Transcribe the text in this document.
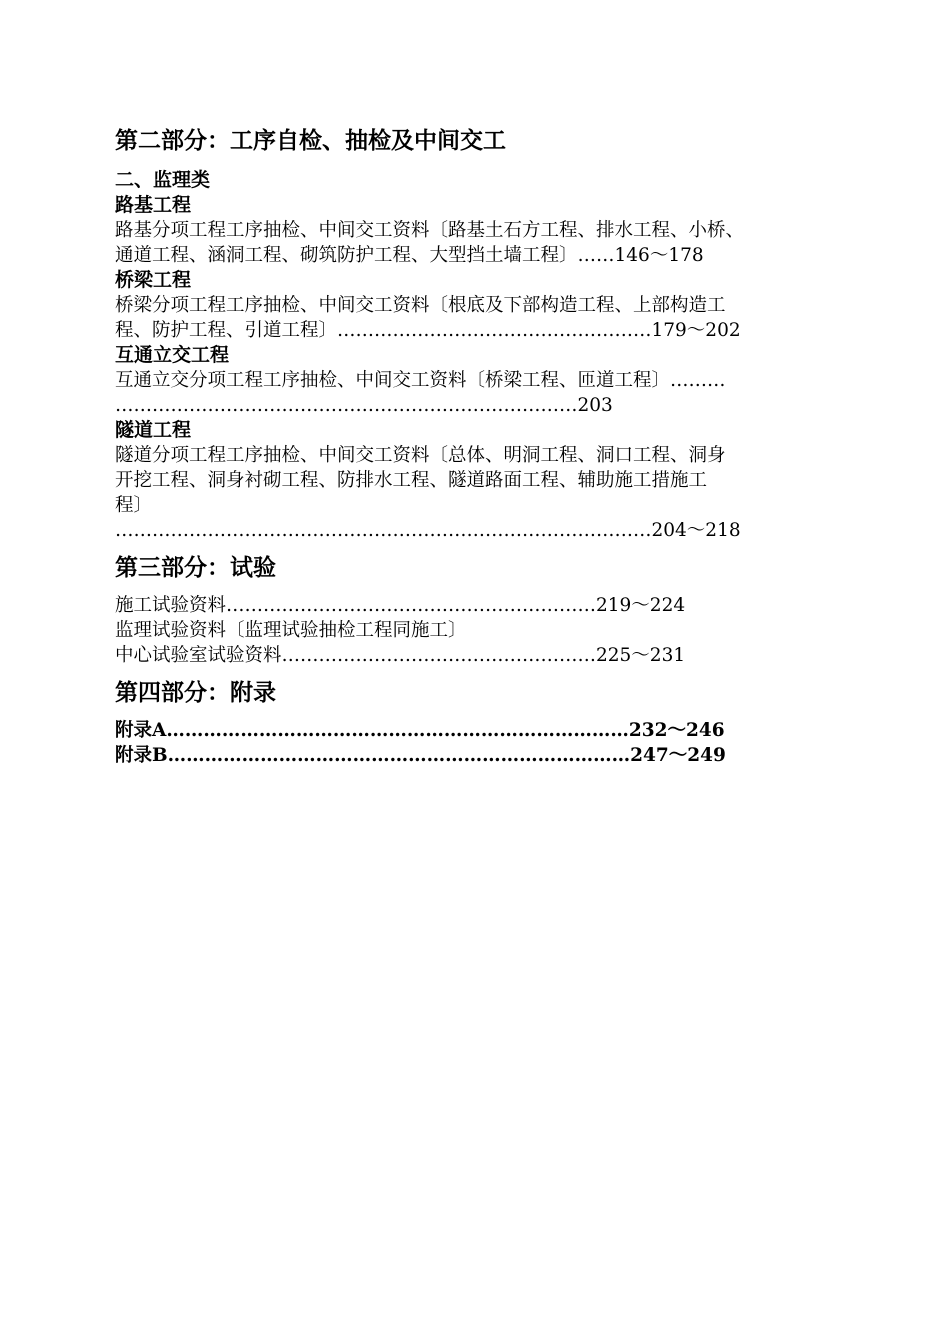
第二部分：工序自检、抽检及中间交工

二、监理类

路基工程

路基分项工程工序抽检、中间交工资料〔路基土石方工程、排水工程、小桥、

通道工程、涵洞工程、砌筑防护工程、大型挡土墙工程〕……146～178

桥梁工程

桥梁分项工程工序抽检、中间交工资料〔根底及下部构造工程、上部构造工

程、防护工程、引道工程〕……………………………………………179～202

互通立交工程

互通立交分项工程工序抽检、中间交工资料〔桥梁工程、匝道工程〕………

…………………………………………………………………203

隧道工程

隧道分项工程工序抽检、中间交工资料〔总体、明洞工程、洞口工程、洞身

开挖工程、洞身衬砌工程、防排水工程、隧道路面工程、辅助施工措施工

程〕

……………………………………………………………………………204～218

第三部分：试验

施工试验资料……………………………………………………219～224

监理试验资料〔监理试验抽检工程同施工〕

中心试验室试验资料……………………………………………225～231

第四部分：附录

附录A…………………………………………………………………232～246

附录B…………………………………………………………………247～249
